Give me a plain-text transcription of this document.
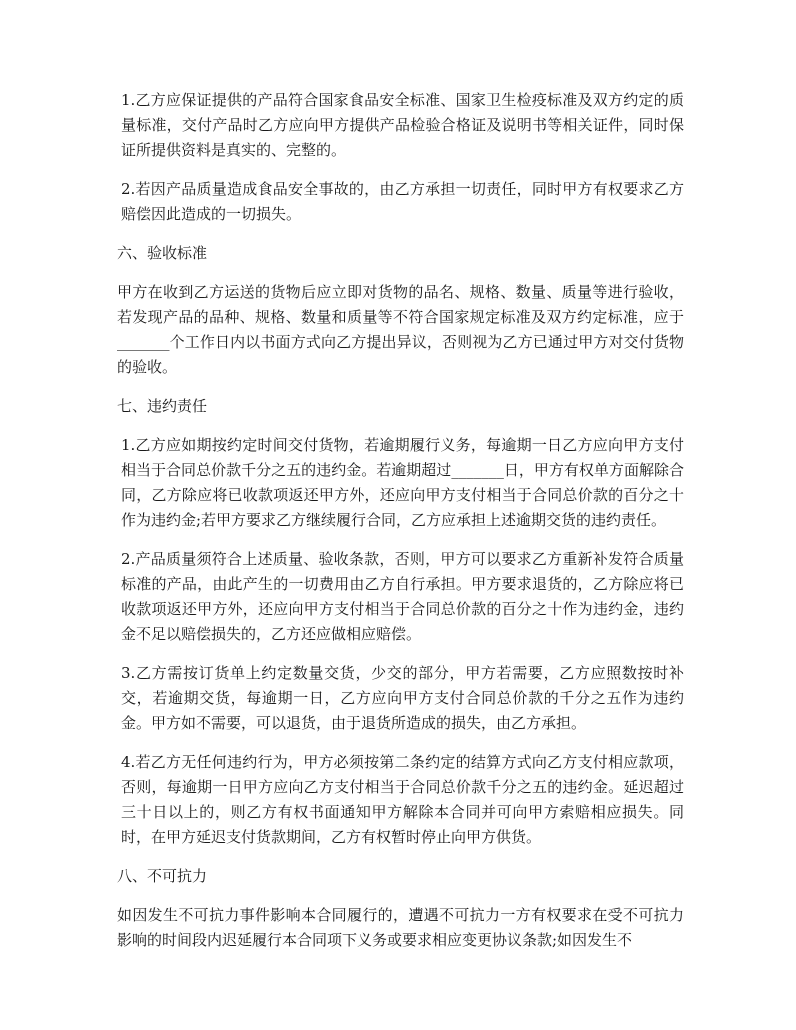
1.乙方应保证提供的产品符合国家食品安全标准、国家卫生检疫标准及双方约定的质量标准，交付产品时乙方应向甲方提供产品检验合格证及说明书等相关证件，同时保证所提供资料是真实的、完整的。

2.若因产品质量造成食品安全事故的，由乙方承担一切责任，同时甲方有权要求乙方赔偿因此造成的一切损失。

六、验收标准

甲方在收到乙方运送的货物后应立即对货物的品名、规格、数量、质量等进行验收，若发现产品的品种、规格、数量和质量等不符合国家规定标准及双方约定标准，应于_______个工作日内以书面方式向乙方提出异议，否则视为乙方已通过甲方对交付货物的验收。

七、违约责任

1.乙方应如期按约定时间交付货物，若逾期履行义务，每逾期一日乙方应向甲方支付相当于合同总价款千分之五的违约金。若逾期超过_______日，甲方有权单方面解除合同，乙方除应将已收款项返还甲方外，还应向甲方支付相当于合同总价款的百分之十作为违约金;若甲方要求乙方继续履行合同，乙方应承担上述逾期交货的违约责任。

2.产品质量须符合上述质量、验收条款，否则，甲方可以要求乙方重新补发符合质量标准的产品，由此产生的一切费用由乙方自行承担。甲方要求退货的，乙方除应将已收款项返还甲方外，还应向甲方支付相当于合同总价款的百分之十作为违约金，违约金不足以赔偿损失的，乙方还应做相应赔偿。

3.乙方需按订货单上约定数量交货，少交的部分，甲方若需要，乙方应照数按时补交，若逾期交货，每逾期一日，乙方应向甲方支付合同总价款的千分之五作为违约金。甲方如不需要，可以退货，由于退货所造成的损失，由乙方承担。

4.若乙方无任何违约行为，甲方必须按第二条约定的结算方式向乙方支付相应款项，否则，每逾期一日甲方应向乙方支付相当于合同总价款千分之五的违约金。延迟超过三十日以上的，则乙方有权书面通知甲方解除本合同并可向甲方索赔相应损失。同时，在甲方延迟支付货款期间，乙方有权暂时停止向甲方供货。

八、不可抗力

如因发生不可抗力事件影响本合同履行的，遭遇不可抗力一方有权要求在受不可抗力影响的时间段内迟延履行本合同项下义务或要求相应变更协议条款;如因发生不
